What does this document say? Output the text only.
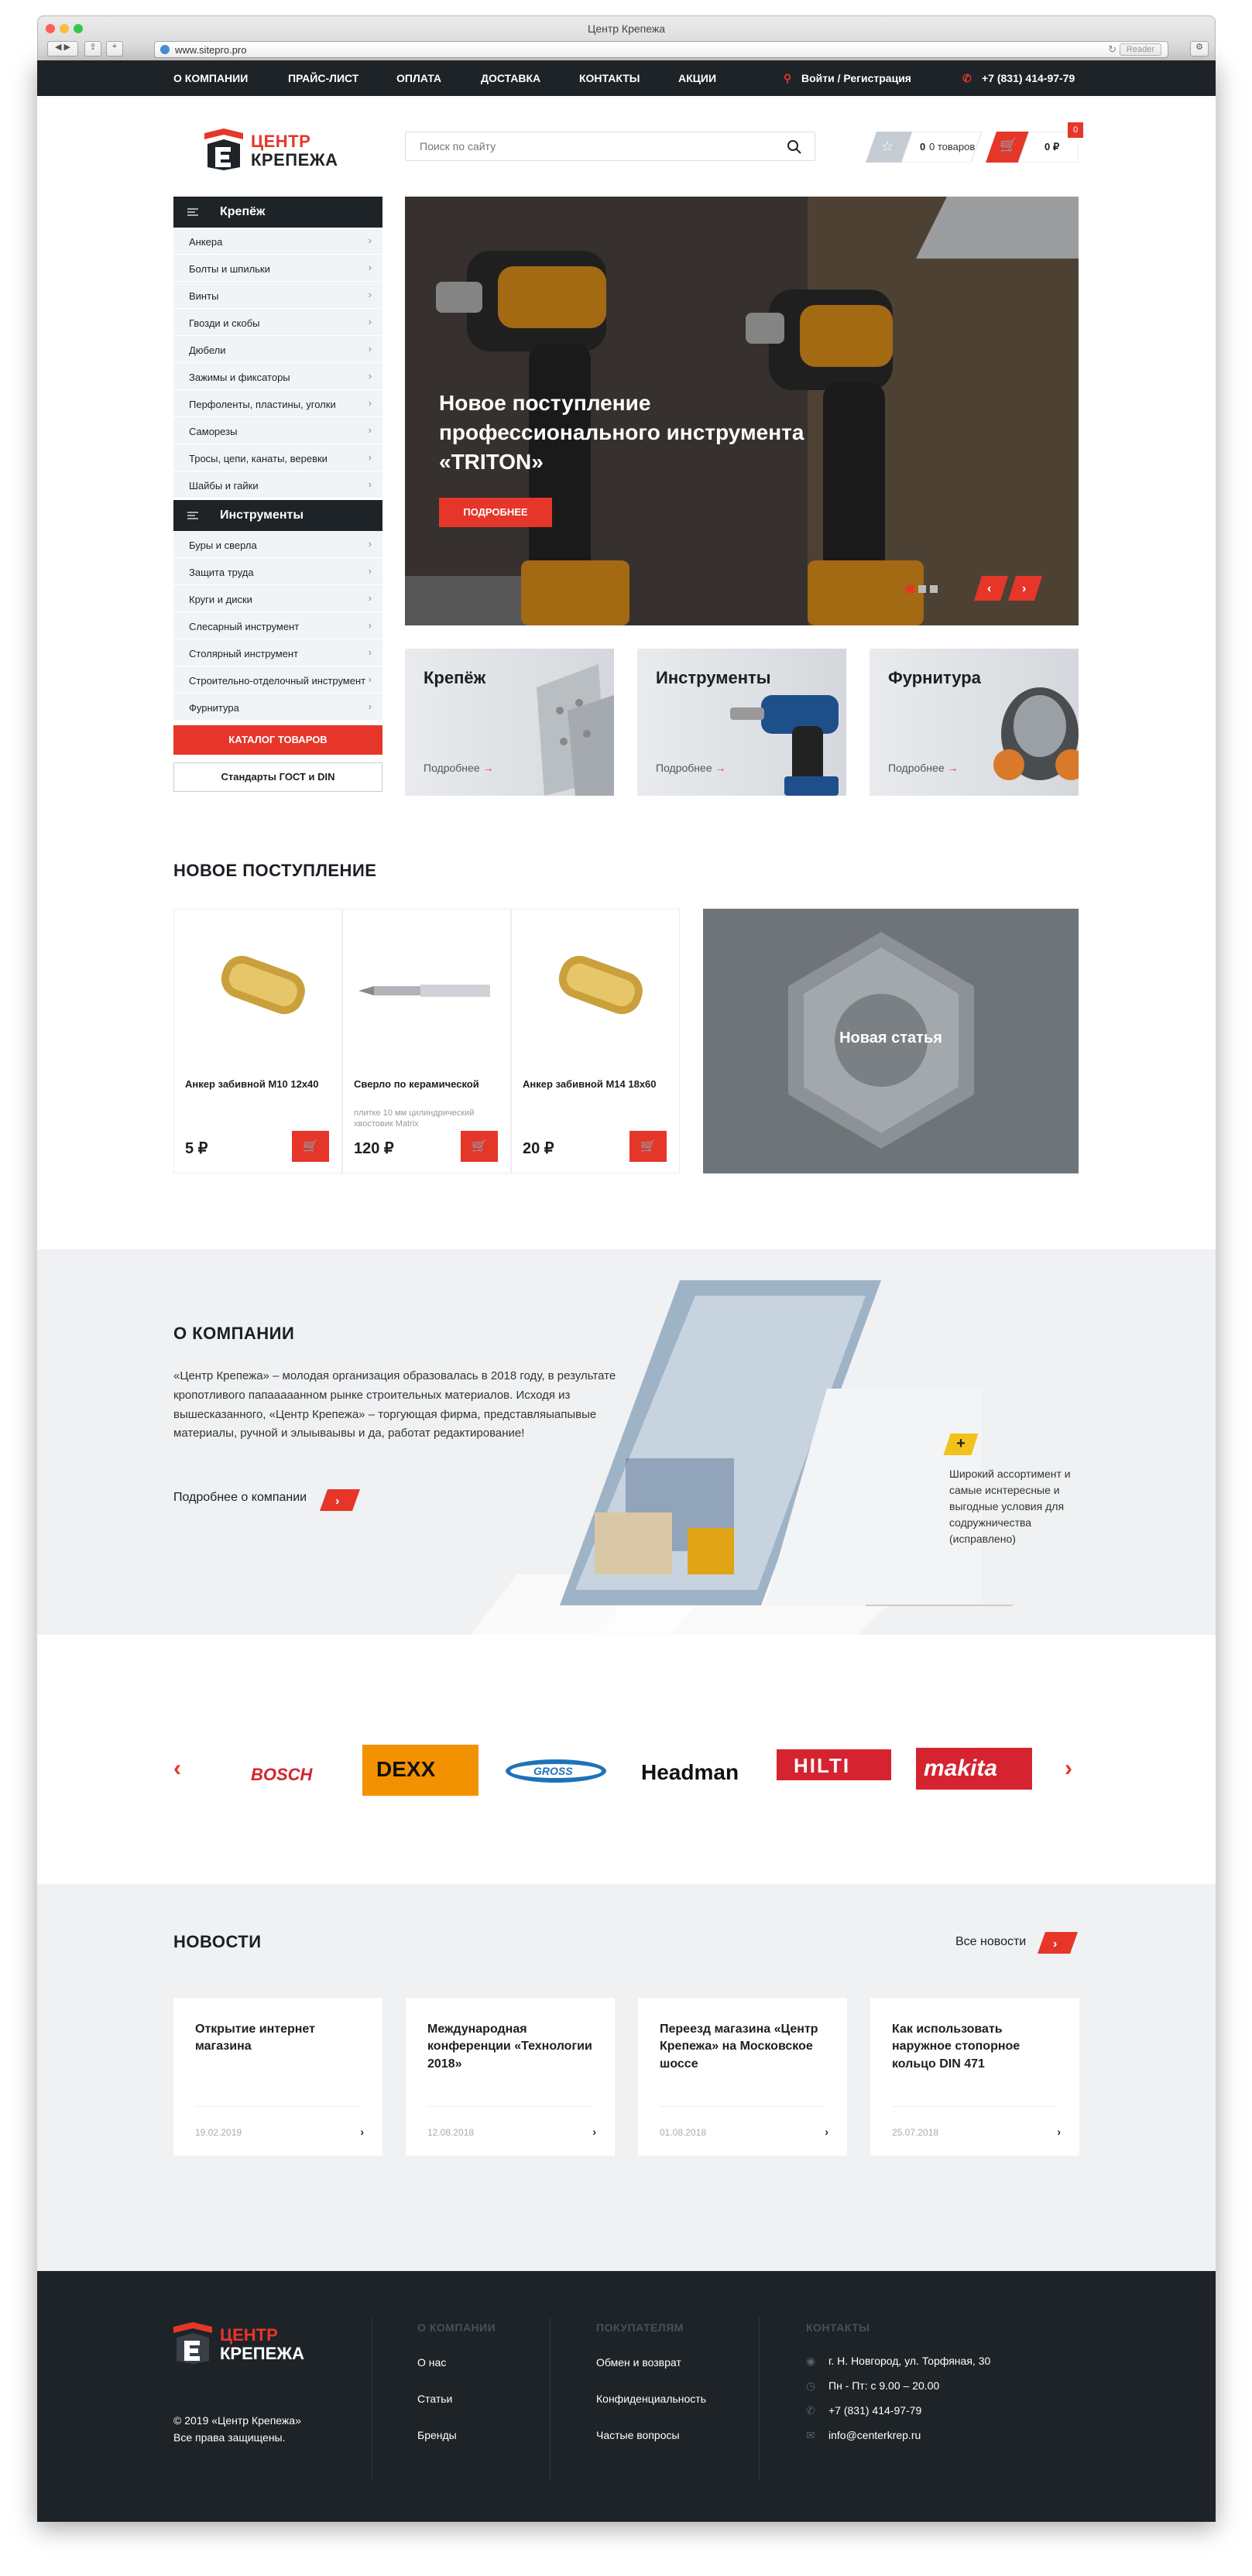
Центр Крепежа
◀ ▶	⇪	+	www.sitepro.pro	↻	Reader	⚙
О КОМПАНИИ	ПРАЙС-ЛИСТ	ОПЛАТА	ДОСТАВКА	КОНТАКТЫ	АКЦИИ	⚲ Войти / Регистрация	✆ +7 (831) 414-97-79
ЦЕНТР
КРЕПЕЖА
Поиск по сайту
☆	0 0 товаров 🛒	0 ₽
0
Крепёж
Анкера	›
Болты и шпильки	›
Винты	›
Гвозди и скобы	›
Дюбели	›
Зажимы и фиксаторы	›
Перфоленты, пластины, уголки	›
Саморезы	›
Тросы, цепи, канаты, веревки	›
Шайбы и гайки	›
Инструменты
Буры и сверла	›
Защита труда	›
Круги и диски	›
Слесарный инструмент	›
Столярный инструмент	›
Строительно-отделочный инструмент ›
Фурнитура	›
КАТАЛОГ ТОВАРОВ
Стандарты ГОСТ и DIN
Новое поступление
профессионального инструмента
«TRITON»
ПОДРОБНЕЕ
‹ ›
Крепёж
Подробнее →
Инструменты
Подробнее →
Фурнитура
Подробнее →
НОВОЕ ПОСТУПЛЕНИЕ
Анкер забивной М10 12х40
5 ₽	🛒
Сверло по керамической
плитке 10 мм цилиндрический хвостовик Matrix
120 ₽	🛒
Анкер забивной М14 18х60
20 ₽	🛒
Новая статья
О КОМПАНИИ
«Центр Крепежа» – молодая организация образовалась в 2018 году, в результате кропотливого папааааанном рынке строительных материалов. Исходя из вышесказанного, «Центр Крепежа» – торгующая фирма, представляыапывые материалы, ручной и элыываывы и да, работат редактирование!
Подробнее о компании ›
+
Широкий ассортимент и самые иснтересные и выгодные условия для содружничества (исправлено)
‹	›
BOSCH	DEXX	GROSS	Headman	HILTI	makita
НОВОСТИ	Все новости ›
Открытие интернет магазина
19.02.2019	›
Международная конференции «Технологии 2018»
12.08.2018	›
Переезд магазина «Центр Крепежа» на Московское шоссе
01.08.2018	›
Как использовать наружное стопорное кольцо DIN 471
25.07.2018	›
ЦЕНТР
КРЕПЕЖА
© 2019 «Центр Крепежа»
Все права защищены.
О КОМПАНИИ
О нас
Статьи
Бренды
ПОКУПАТЕЛЯМ
Обмен и возврат
Конфиденциальность
Частые вопросы
КОНТАКТЫ
◉ г. Н. Новгород, ул. Торфяная, 30
◷ Пн - Пт: с 9.00 – 20.00
✆ +7 (831) 414-97-79
✉ info@centerkrep.ru
